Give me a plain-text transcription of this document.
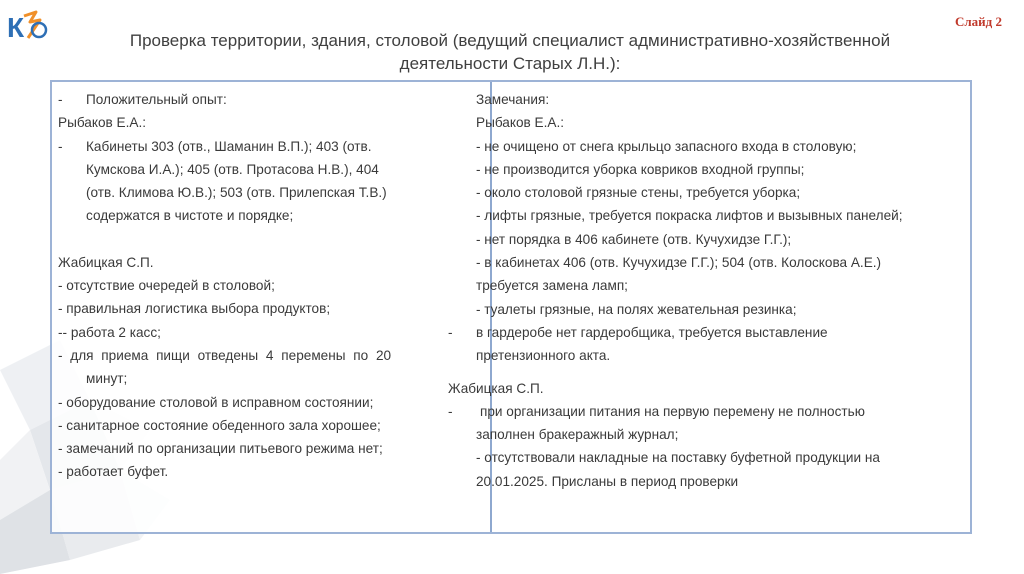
К	Слайд 2
Проверка территории, здания, столовой (ведущий специалист административно-хозяйственной
деятельности Старых Л.Н.):
-	Положительный опыт:

Рыбаков Е.А.:

-	Кабинеты 303 (отв., Шаманин В.П.); 403 (отв.
Кумскова И.А.); 405 (отв. Протасова Н.В.), 404
(отв. Климова Ю.В.); 503 (отв. Прилепская Т.В.)
содержатся в чистоте и порядке;

Жабицкая С.П.

- отсутствие очередей в столовой;

- правильная логистика выбора продуктов;

-- работа 2 касс;

- для приема пищи отведены 4 перемены по 20

минут;

- оборудование столовой в исправном состоянии;

- санитарное состояние обеденного зала хорошее;

- замечаний по организации питьевого режима нет;

- работает буфет.

Замечания:

Рыбаков Е.А.:

- не очищено от снега крыльцо запасного входа в столовую;

- не производится уборка ковриков входной группы;

- около столовой грязные стены, требуется уборка;

- лифты грязные, требуется покраска лифтов и вызывных панелей;

- нет порядка в 406 кабинете (отв. Кучухидзе Г.Г.);

- в кабинетах 406 (отв. Кучухидзе Г.Г.); 504 (отв. Колоскова А.Е.)

требуется замена ламп;

- туалеты грязные, на полях жевательная резинка;

-	в гардеробе нет гардеробщика, требуется выставление
претензионного акта.

Жабицкая С.П.

-	при организации питания на первую перемену не полностью
заполнен бракеражный журнал;

- отсутствовали накладные на поставку буфетной продукции на

20.01.2025. Присланы в период проверки
